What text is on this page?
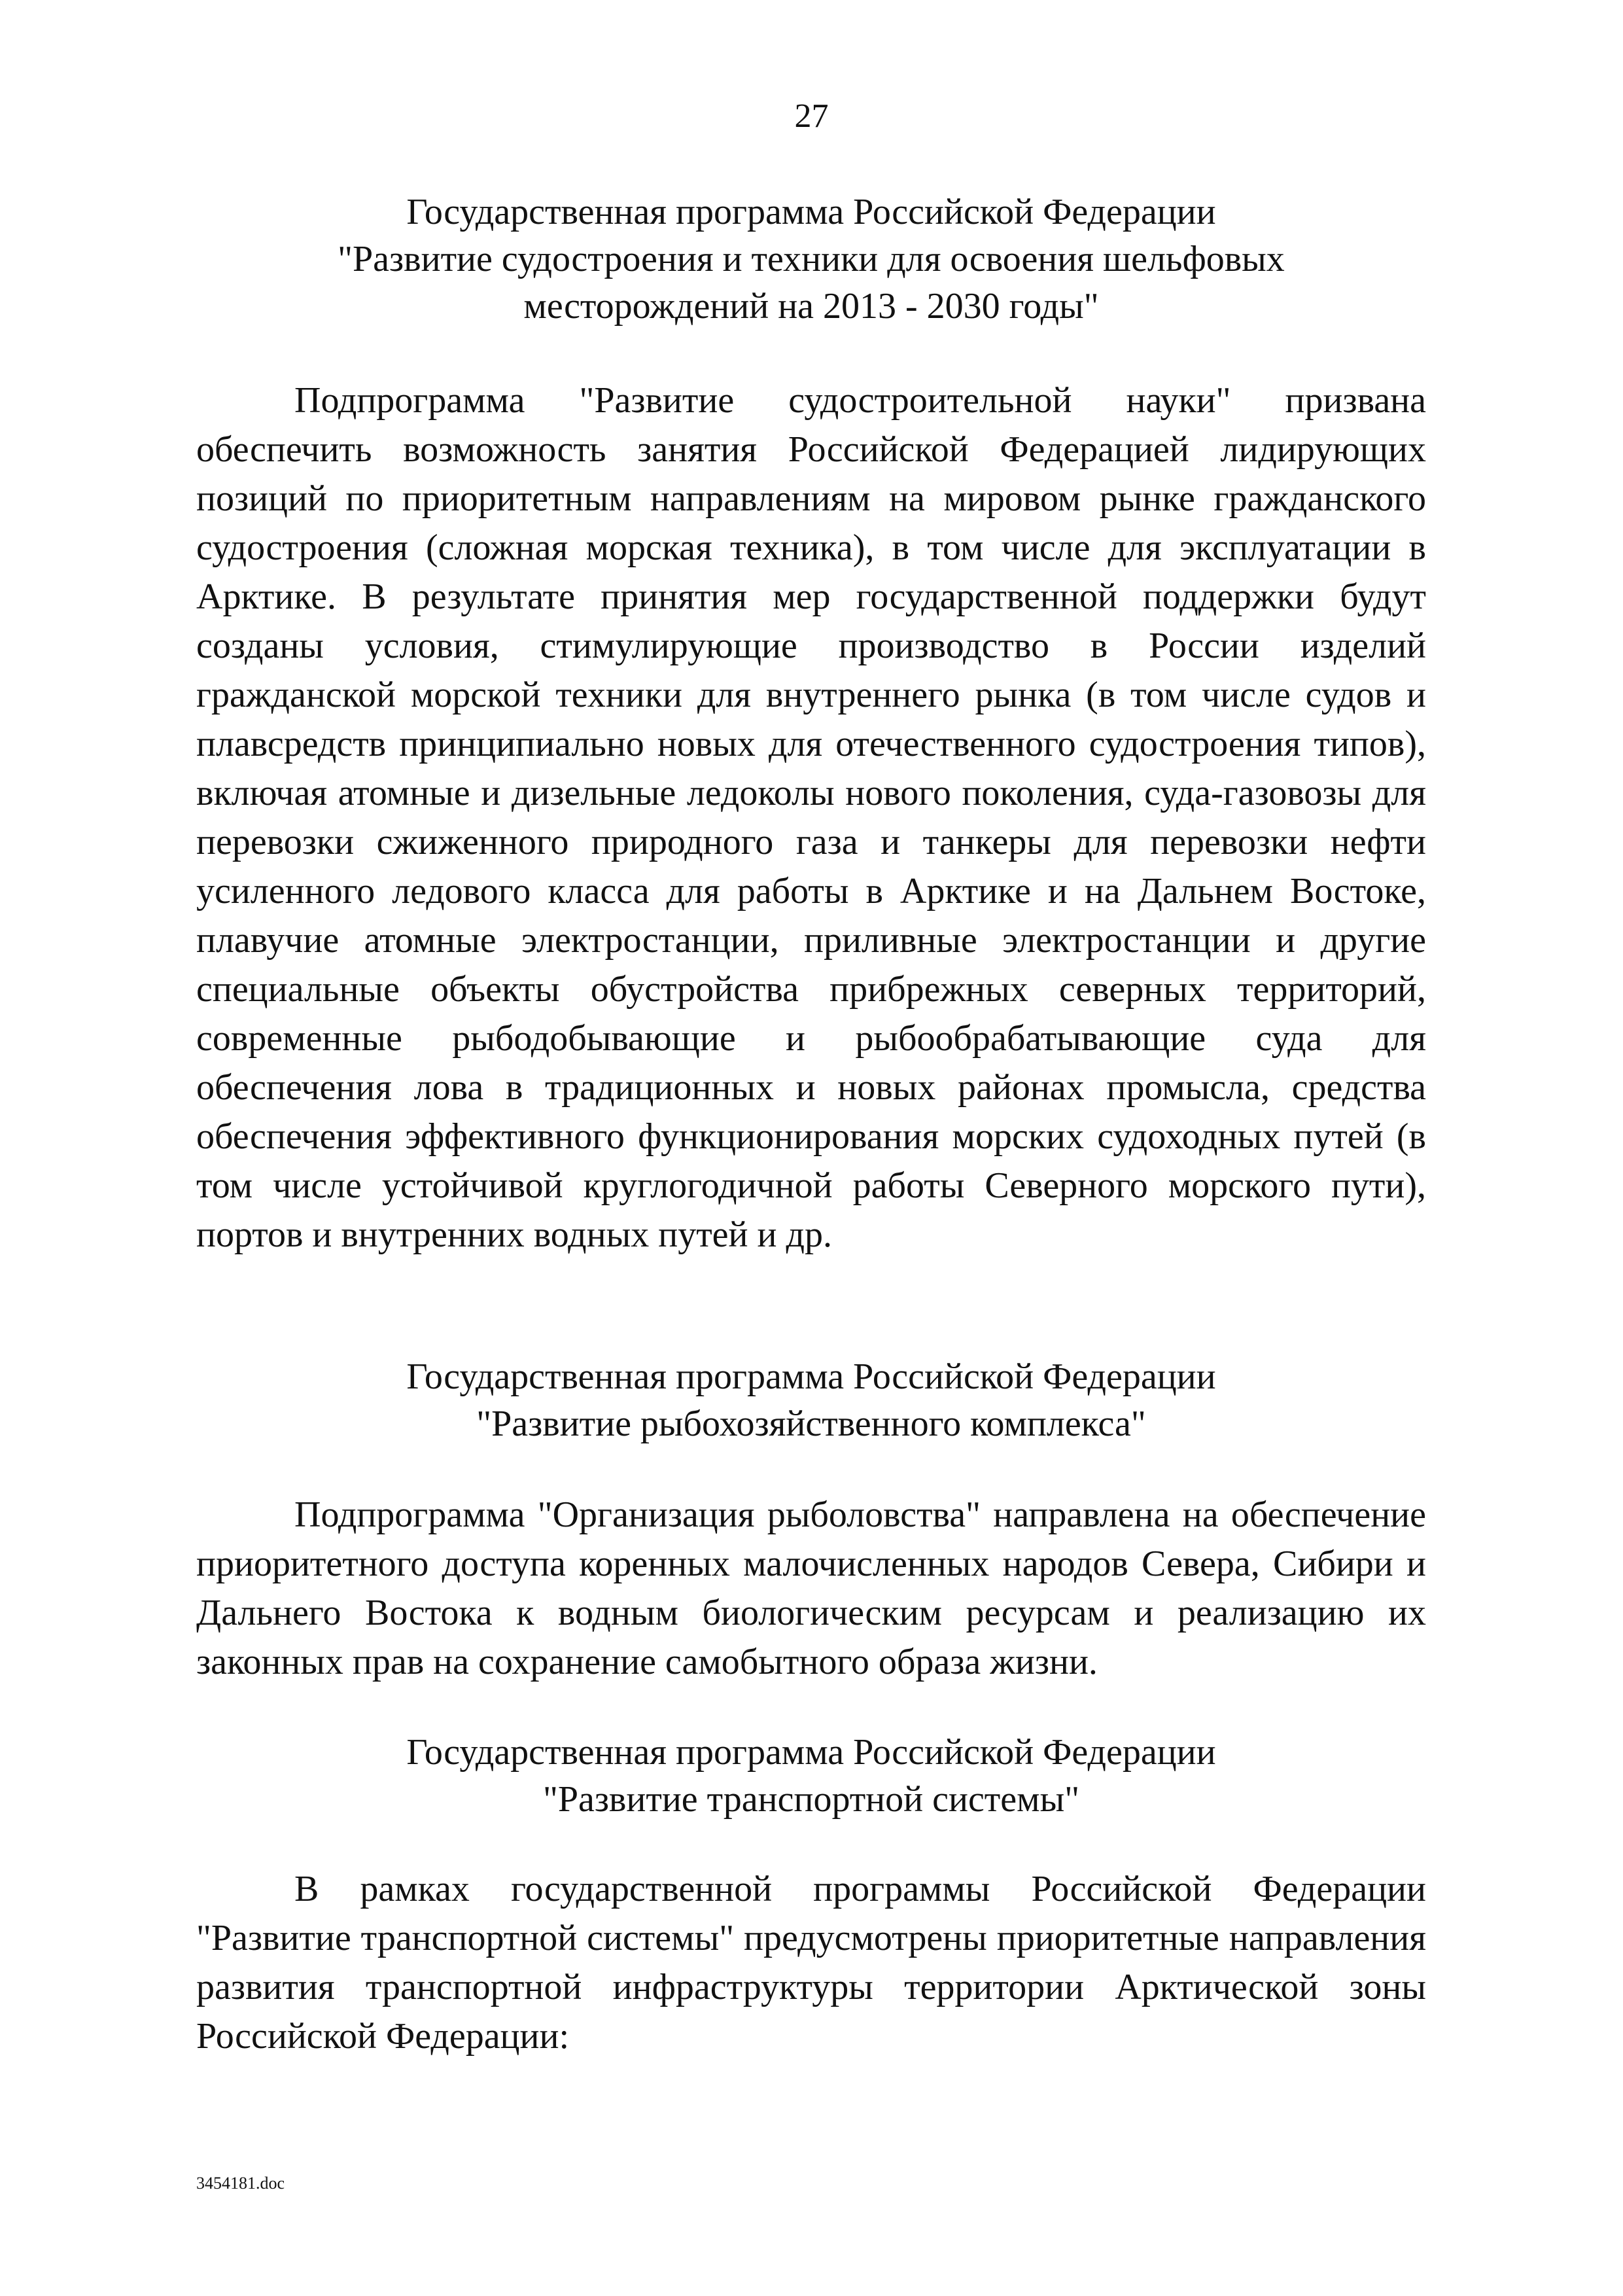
27
Государственная программа Российской Федерации
"Развитие судостроения и техники для освоения шельфовых
месторождений на 2013 - 2030 годы"

Подпрограмма "Развитие судостроительной науки" призвана обеспечить возможность занятия Российской Федерацией лидирующих позиций по приоритетным направлениям на мировом рынке гражданского судостроения (сложная морская техника), в том числе для эксплуатации в Арктике. В результате принятия мер государственной поддержки будут созданы условия, стимулирующие производство в России изделий гражданской морской техники для внутреннего рынка (в том числе судов и плавсредств принципиально новых для отечественного судостроения типов), включая атомные и дизельные ледоколы нового поколения, суда-газовозы для перевозки сжиженного природного газа и танкеры для перевозки нефти усиленного ледового класса для работы в Арктике и на Дальнем Востоке, плавучие атомные электростанции, приливные электростанции и другие специальные объекты обустройства прибрежных северных территорий, современные рыбодобывающие и рыбообрабатывающие суда для обеспечения лова в традиционных и новых районах промысла, средства обеспечения эффективного функционирования морских судоходных путей (в том числе устойчивой круглогодичной работы Северного морского пути), портов и внутренних водных путей и др.

Государственная программа Российской Федерации
"Развитие рыбохозяйственного комплекса"

Подпрограмма "Организация рыболовства" направлена на обеспечение приоритетного доступа коренных малочисленных народов Севера, Сибири и Дальнего Востока к водным биологическим ресурсам и реализацию их законных прав на сохранение самобытного образа жизни.

Государственная программа Российской Федерации
"Развитие транспортной системы"

В рамках государственной программы Российской Федерации "Развитие транспортной системы" предусмотрены приоритетные направления развития транспортной инфраструктуры территории Арктической зоны Российской Федерации:

3454181.doc
